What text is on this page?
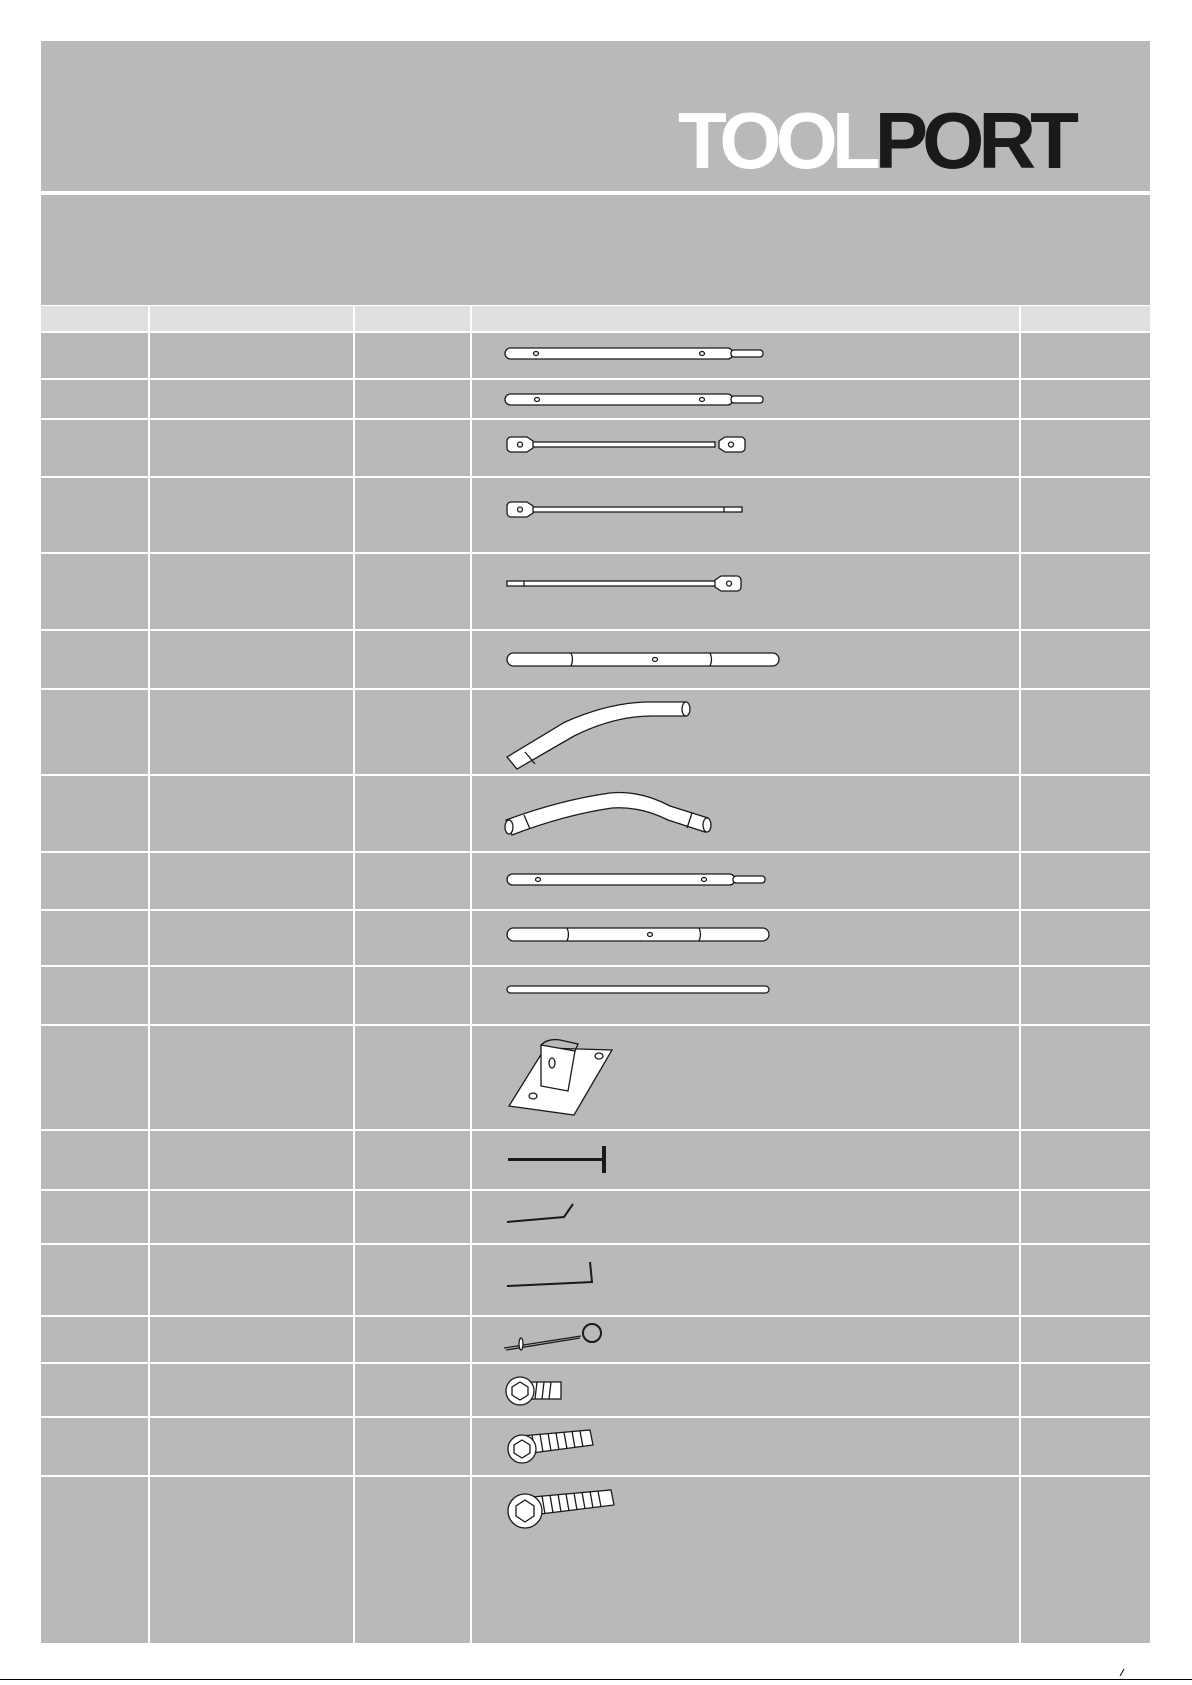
TOOLPORT
